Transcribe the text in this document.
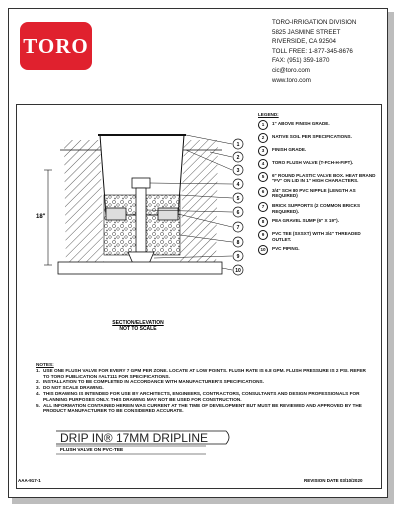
TORO
TORO-IRRIGATION DIVISION
5825 JASMINE STREET
RIVERSIDE, CA 92504
TOLL FREE: 1-877-345-8676
FAX: (951) 359-1870
cic@toro.com
www.toro.com
18"
1
2
3
4
5
6
7
8
9
10
LEGEND:
1	1" ABOVE FINISH GRADE.
2	NATIVE SOIL PER SPECIFICATIONS.
3	FINISH GRADE.
4	TORO FLUSH VALVE (T-FCH-H-FIPT).
5	6" ROUND PLASTIC VALVE BOX. HEAT BRAND "FV" ON LID IN 1" HIGH CHARACTERS.
6	3/4" SCH 80 PVC NIPPLE (LENGTH AS REQUIRED)
7	BRICK SUPPORTS (2 COMMON BRICKS REQUIRED).
8	PEA GRAVEL SUMP (6" X 19").
9	PVC TEE (SXSXT) WITH 3/4" THREADED OUTLET.
10	PVC PIPING.
SECTION/ELEVATION
NOT TO SCALE
NOTES:
1. USE ONE FLUSH VALVE FOR EVERY 7 GPM PER ZONE. LOCATE AT LOW POINTS. FLUSH RATE IS 6.8 GPM. FLUSH PRESSURE IS 2 PSI. REFER TO TORO PUBLICATION #ALT111 FOR SPECIFICATIONS.
2. INSTALLATION TO BE COMPLETED IN ACCORDANCE WITH MANUFACTURER'S SPECIFICATIONS.
3. DO NOT SCALE DRAWING.
4. THIS DRAWING IS INTENDED FOR USE BY ARCHITECTS, ENGINEERS, CONTRACTORS, CONSULTANTS AND DESIGN PROFESSIONALS FOR PLANNING PURPOSES ONLY. THIS DRAWING MAY NOT BE USED FOR CONSTRUCTION.
5. ALL INFORMATION CONTAINED HEREIN WAS CURRENT AT THE TIME OF DEVELOPMENT BUT MUST BE REVIEWED AND APPROVED BY THE PRODUCT MANUFACTURER TO BE CONSIDERED ACCURATE.
DRIP IN® 17MM DRIPLINE
FLUSH VALVE ON PVC-TEE
AAA-917-1	REVISION DATE 03/10/2020
